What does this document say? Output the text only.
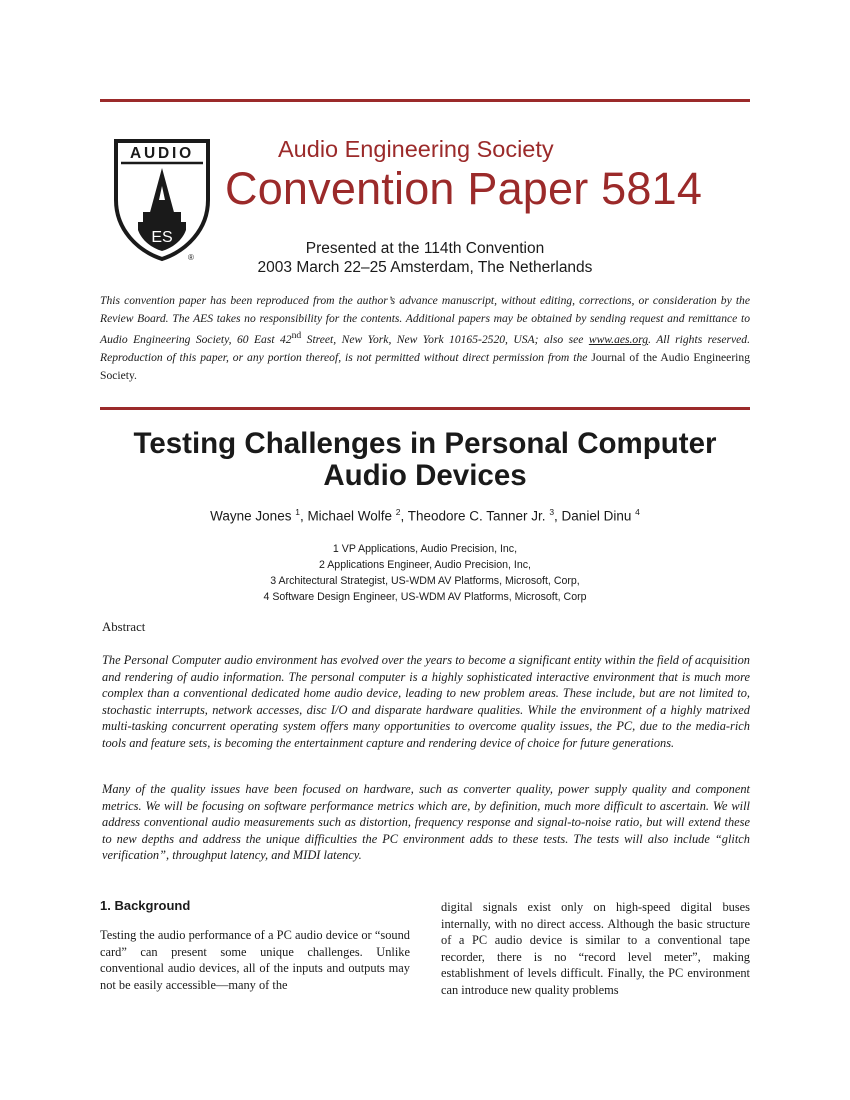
AUDIO
ES
®
Audio Engineering Society
Convention Paper 5814
Presented at the 114th Convention
2003 March 22–25 Amsterdam, The Netherlands
This convention paper has been reproduced from the author’s advance manuscript, without editing, corrections, or consideration by the Review Board. The AES takes no responsibility for the contents. Additional papers may be obtained by sending request and remittance to Audio Engineering Society, 60 East 42nd Street, New York, New York 10165-2520, USA; also see www.aes.org. All rights reserved. Reproduction of this paper, or any portion thereof, is not permitted without direct permission from the Journal of the Audio Engineering Society.
Testing Challenges in Personal Computer
Audio Devices
Wayne Jones $^1$, Michael Wolfe $^2$, Theodore C. Tanner Jr. $^3$, Daniel Dinu $^4$
1 VP Applications, Audio Precision, Inc,
2 Applications Engineer, Audio Precision, Inc,
3 Architectural Strategist, US-WDM AV Platforms, Microsoft, Corp,
4 Software Design Engineer, US-WDM AV Platforms, Microsoft, Corp
Abstract

The Personal Computer audio environment has evolved over the years to become a significant entity within the field of acquisition and rendering of audio information. The personal computer is a highly sophisticated interactive environment that is much more complex than a conventional dedicated home audio device, leading to new problem areas. These include, but are not limited to, stochastic interrupts, network accesses, disc I/O and disparate hardware qualities. While the environment of a highly matrixed multi-tasking concurrent operating system offers many opportunities to overcome quality issues, the PC, due to the media-rich tools and feature sets, is becoming the entertainment capture and rendering device of choice for future generations.

Many of the quality issues have been focused on hardware, such as converter quality, power supply quality and component metrics. We will be focusing on software performance metrics which are, by definition, much more difficult to ascertain. We will address conventional audio measurements such as distortion, frequency response and signal-to-noise ratio, but will extend these to new depths and address the unique difficulties the PC environment adds to these tests. The tests will also include “glitch verification”, throughput latency, and MIDI latency.

1. Background

Testing the audio performance of a PC audio device or “sound card” can present some unique challenges. Unlike conventional audio devices, all of the inputs and outputs may not be easily accessible—many of the

digital signals exist only on high-speed digital buses internally, with no direct access. Although the basic structure of a PC audio device is similar to a conventional tape recorder, there is no “record level meter”, making establishment of levels difficult. Finally, the PC environment can introduce new quality problems
